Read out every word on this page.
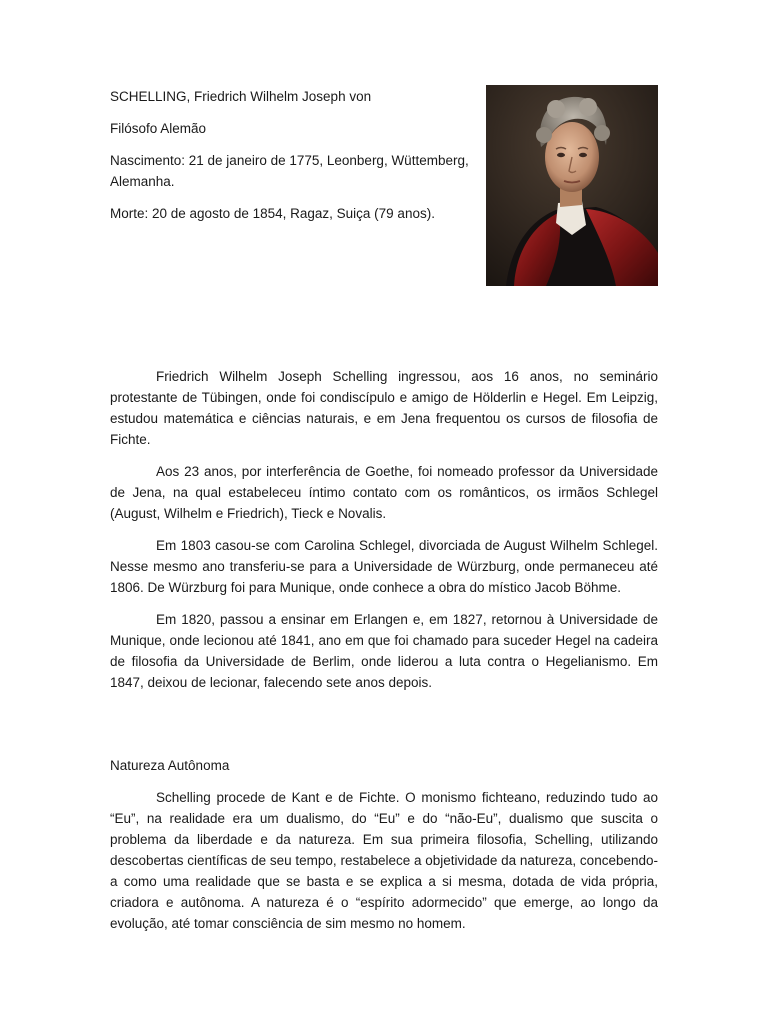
SCHELLING, Friedrich Wilhelm Joseph von

Filósofo Alemão

Nascimento: 21 de janeiro de 1775, Leonberg, Wüttemberg, Alemanha.

Morte: 20 de agosto de 1854, Ragaz, Suiça (79 anos).

Friedrich Wilhelm Joseph Schelling ingressou, aos 16 anos, no seminário protestante de Tübingen, onde foi condiscípulo e amigo de Hölderlin e Hegel. Em Leipzig, estudou matemática e ciências naturais, e em Jena frequentou os cursos de filosofia de Fichte.

Aos 23 anos, por interferência de Goethe, foi nomeado professor da Universidade de Jena, na qual estabeleceu íntimo contato com os românticos, os irmãos Schlegel (August, Wilhelm e Friedrich), Tieck e Novalis.

Em 1803 casou-se com Carolina Schlegel, divorciada de August Wilhelm Schlegel. Nesse mesmo ano transferiu-se para a Universidade de Würzburg, onde permaneceu até 1806. De Würzburg foi para Munique, onde conhece a obra do místico Jacob Böhme.

Em 1820, passou a ensinar em Erlangen e, em 1827, retornou à Universidade de Munique, onde lecionou até 1841, ano em que foi chamado para suceder Hegel na cadeira de filosofia da Universidade de Berlim, onde liderou a luta contra o Hegelianismo. Em 1847, deixou de lecionar, falecendo sete anos depois.

Natureza Autônoma

Schelling procede de Kant e de Fichte. O monismo fichteano, reduzindo tudo ao “Eu”, na realidade era um dualismo, do “Eu” e do “não-Eu”, dualismo que suscita o problema da liberdade e da natureza. Em sua primeira filosofia, Schelling, utilizando descobertas científicas de seu tempo, restabelece a objetividade da natureza, concebendo-a como uma realidade que se basta e se explica a si mesma, dotada de vida própria, criadora e autônoma. A natureza é o “espírito adormecido” que emerge, ao longo da evolução, até tomar consciência de sim mesmo no homem.
